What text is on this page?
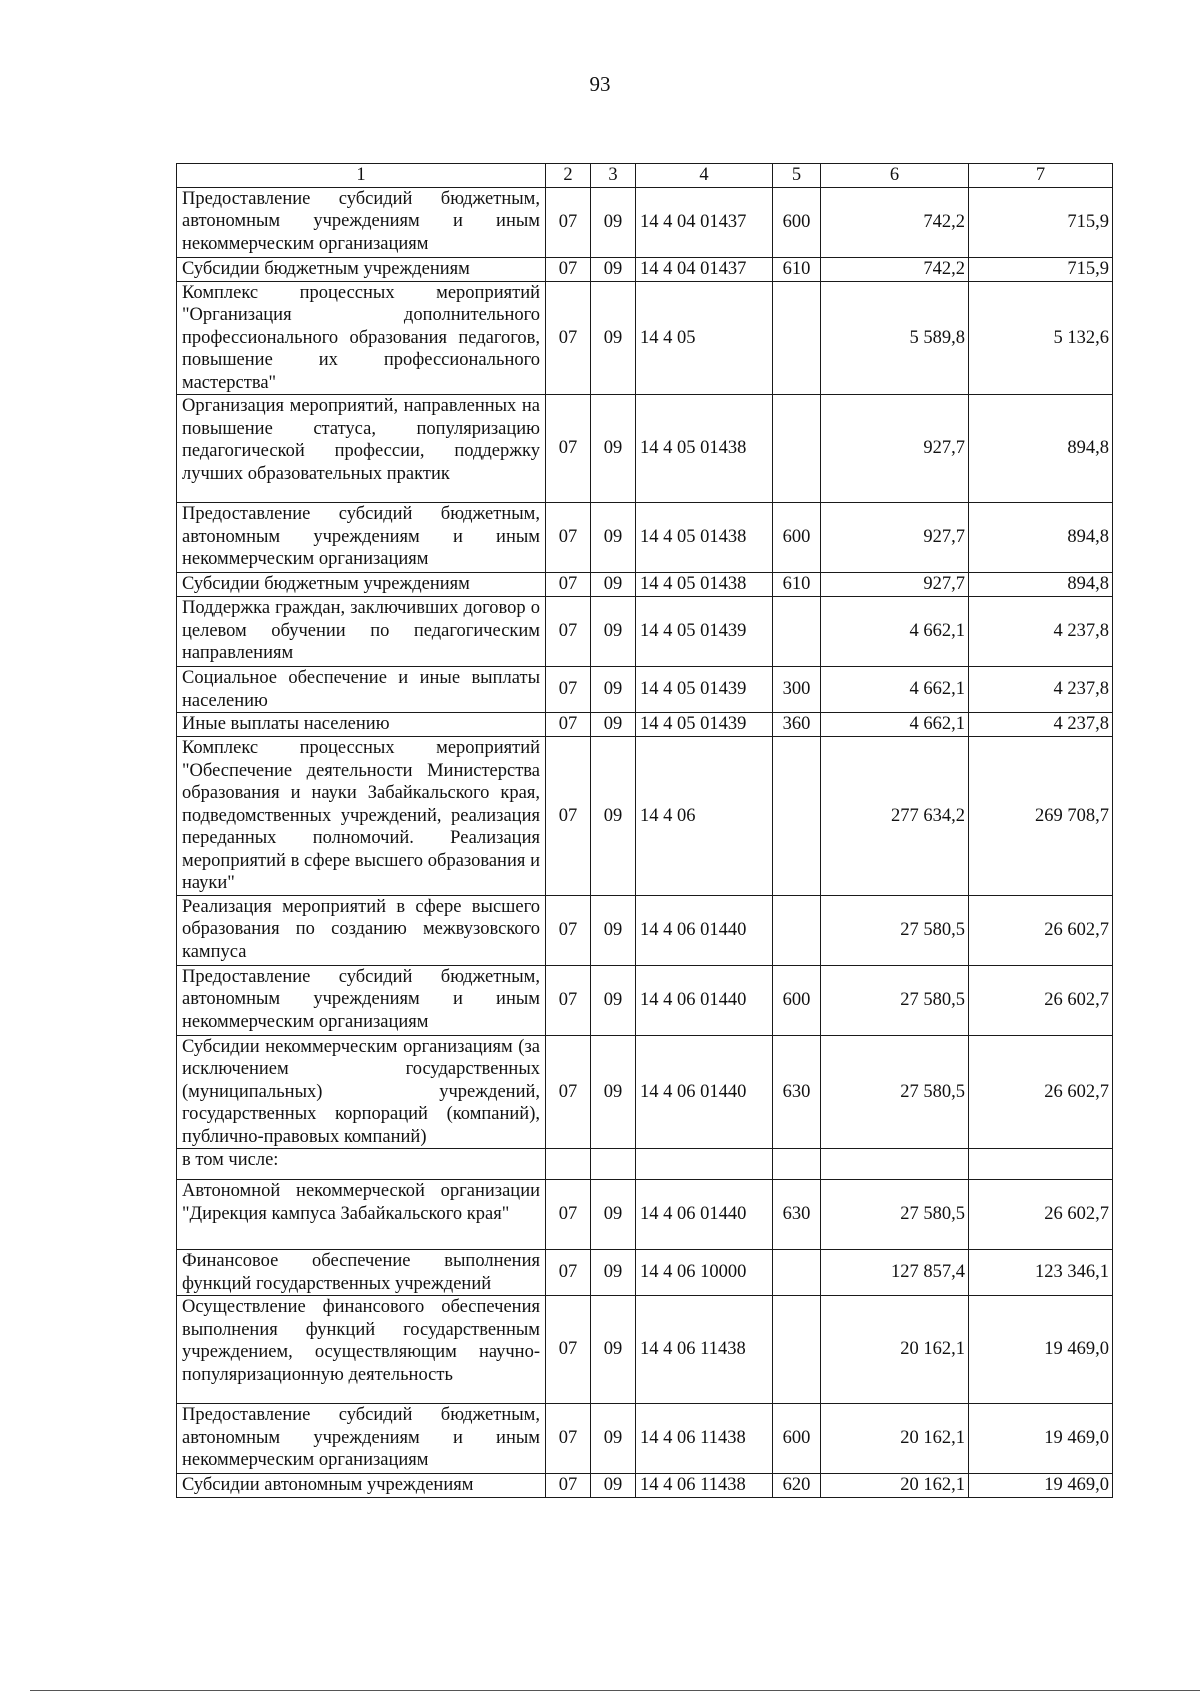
93
1	2	3	4	5	6	7
Предоставление субсидий бюджетным, автономным учреждениям и иным некоммерческим организациям	07	09	14 4 04 01437	600	742,2	715,9
Субсидии бюджетным учреждениям	07	09	14 4 04 01437	610	742,2	715,9
Комплекс процессных мероприятий "Организация дополнительного профессионального образования педагогов, повышение их профессионального мастерства"	07	09	14 4 05		5 589,8	5 132,6
Организация мероприятий, направленных на повышение статуса, популяризацию педагогической профессии, поддержку лучших образовательных практик	07	09	14 4 05 01438		927,7	894,8
Предоставление субсидий бюджетным, автономным учреждениям и иным некоммерческим организациям	07	09	14 4 05 01438	600	927,7	894,8
Субсидии бюджетным учреждениям	07	09	14 4 05 01438	610	927,7	894,8
Поддержка граждан, заключивших договор о целевом обучении по педагогическим направлениям	07	09	14 4 05 01439		4 662,1	4 237,8
Социальное обеспечение и иные выплаты населению	07	09	14 4 05 01439	300	4 662,1	4 237,8
Иные выплаты населению	07	09	14 4 05 01439	360	4 662,1	4 237,8
Комплекс процессных мероприятий "Обеспечение деятельности Министерства образования и науки Забайкальского края, подведомственных учреждений, реализация переданных полномочий. Реализация мероприятий в сфере высшего образования и науки"	07	09	14 4 06		277 634,2	269 708,7
Реализация мероприятий в сфере высшего образования по созданию межвузовского кампуса	07	09	14 4 06 01440		27 580,5	26 602,7
Предоставление субсидий бюджетным, автономным учреждениям и иным некоммерческим организациям	07	09	14 4 06 01440	600	27 580,5	26 602,7
Субсидии некоммерческим организациям (за исключением государственных (муниципальных) учреждений, государственных корпораций (компаний), публично-правовых компаний)	07	09	14 4 06 01440	630	27 580,5	26 602,7
в том числе:						
Автономной некоммерческой организации "Дирекция кампуса Забайкальского края"	07	09	14 4 06 01440	630	27 580,5	26 602,7
Финансовое обеспечение выполнения функций государственных учреждений	07	09	14 4 06 10000		127 857,4	123 346,1
Осуществление финансового обеспечения выполнения функций государственным учреждением, осуществляющим научно-популяризационную деятельность	07	09	14 4 06 11438		20 162,1	19 469,0
Предоставление субсидий бюджетным, автономным учреждениям и иным некоммерческим организациям	07	09	14 4 06 11438	600	20 162,1	19 469,0
Субсидии автономным учреждениям	07	09	14 4 06 11438	620	20 162,1	19 469,0
